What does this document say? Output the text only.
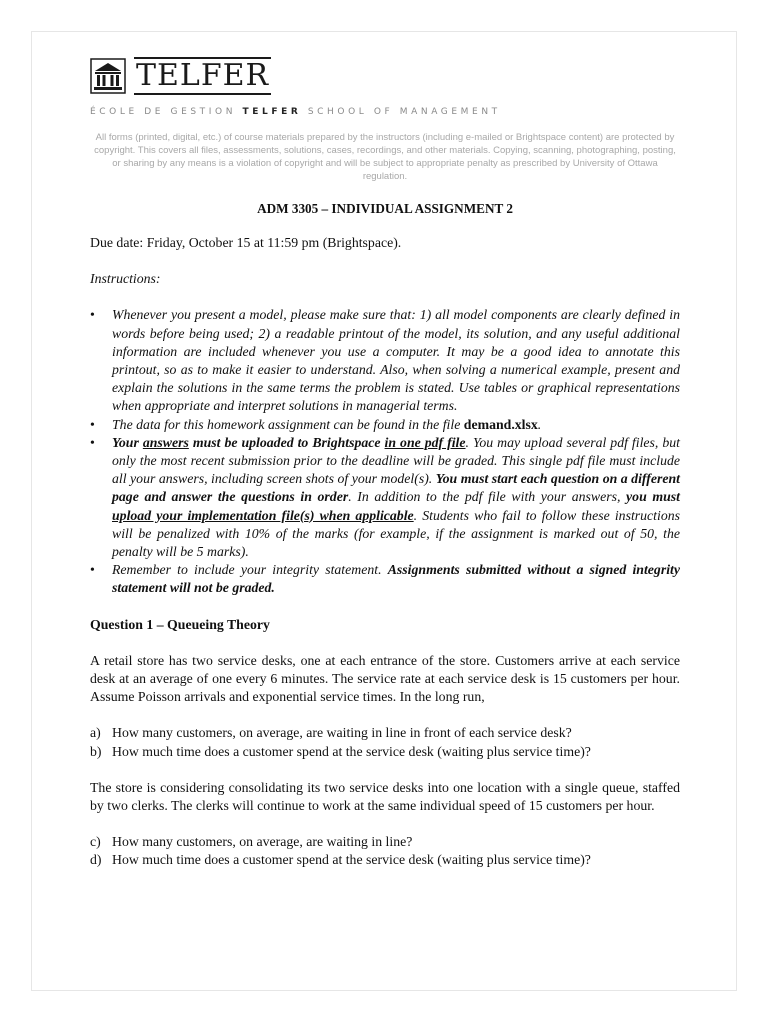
TELFER
ÉCOLE DE GESTION TELFER SCHOOL OF MANAGEMENT
All forms (printed, digital, etc.) of course materials prepared by the instructors (including e-mailed or Brightspace content) are protected by copyright. This covers all files, assessments, solutions, cases, recordings, and other materials. Copying, scanning, photographing, posting, or sharing by any means is a violation of copyright and will be subject to appropriate penalty as prescribed by University of Ottawa regulation.
ADM 3305 – INDIVIDUAL ASSIGNMENT 2

Due date: Friday, October 15 at 11:59 pm (Brightspace).

Instructions:

• Whenever you present a model, please make sure that: 1) all model components are clearly defined in words before being used; 2) a readable printout of the model, its solution, and any useful additional information are included whenever you use a computer. It may be a good idea to annotate this printout, so as to make it easier to understand. Also, when solving a numerical example, present and explain the solutions in the same terms the problem is stated. Use tables or graphical representations when appropriate and interpret solutions in managerial terms.
• The data for this homework assignment can be found in the file demand.xlsx.
• Your answers must be uploaded to Brightspace in one pdf file. You may upload several pdf files, but only the most recent submission prior to the deadline will be graded. This single pdf file must include all your answers, including screen shots of your model(s). You must start each question on a different page and answer the questions in order. In addition to the pdf file with your answers, you must upload your implementation file(s) when applicable. Students who fail to follow these instructions will be penalized with 10% of the marks (for example, if the assignment is marked out of 50, the penalty will be 5 marks).
• Remember to include your integrity statement. Assignments submitted without a signed integrity statement will not be graded.

Question 1 – Queueing Theory

A retail store has two service desks, one at each entrance of the store. Customers arrive at each service desk at an average of one every 6 minutes. The service rate at each service desk is 15 customers per hour. Assume Poisson arrivals and exponential service times. In the long run,

a) How many customers, on average, are waiting in line in front of each service desk?
b) How much time does a customer spend at the service desk (waiting plus service time)?

The store is considering consolidating its two service desks into one location with a single queue, staffed by two clerks. The clerks will continue to work at the same individual speed of 15 customers per hour.

c) How many customers, on average, are waiting in line?
d) How much time does a customer spend at the service desk (waiting plus service time)?
